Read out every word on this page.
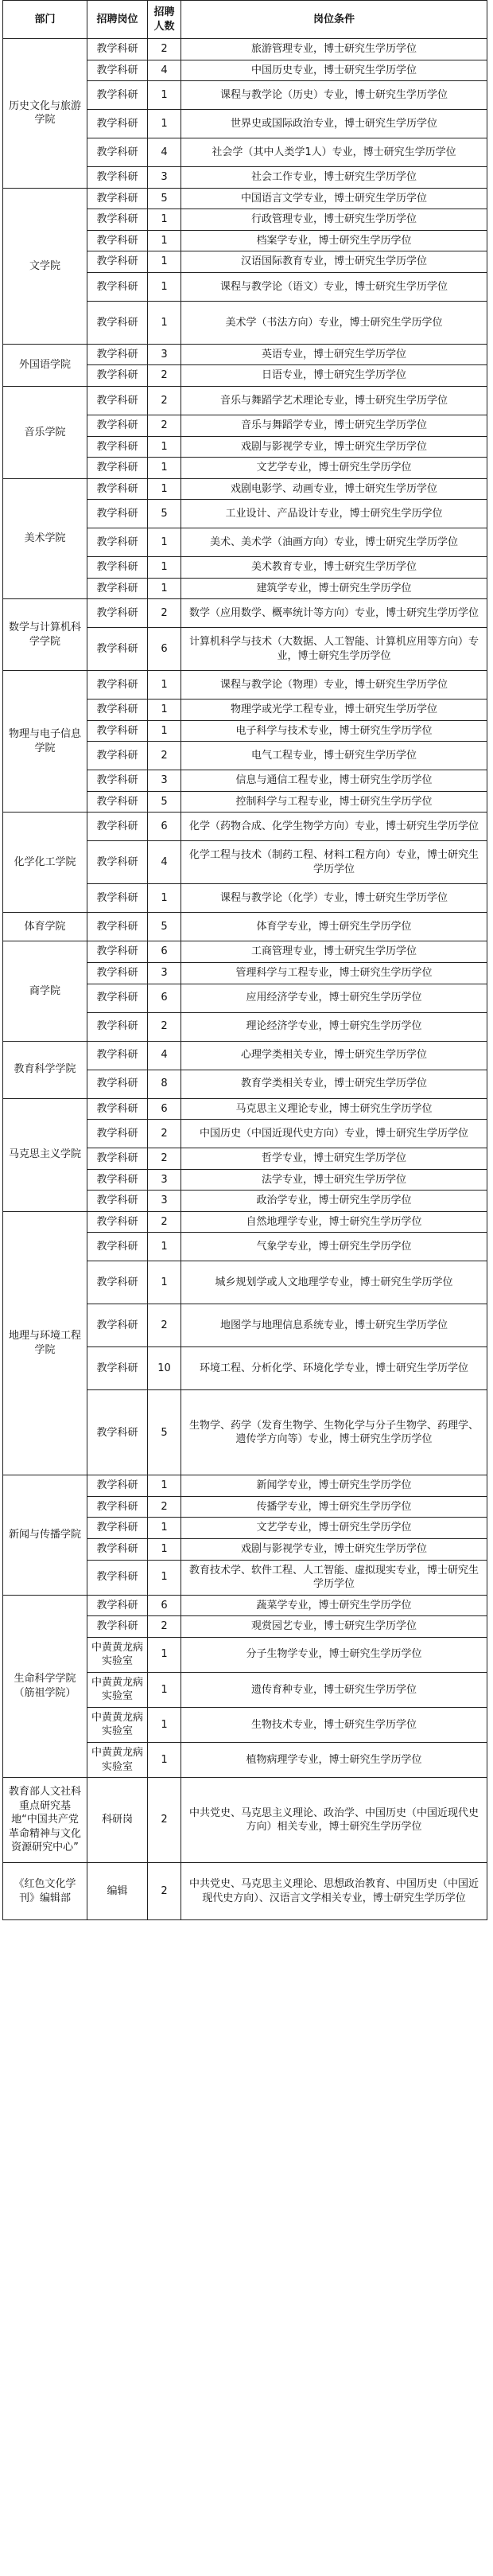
部门	招聘岗位	招聘人数	岗位条件
历史文化与旅游学院	教学科研	2	旅游管理专业，博士研究生学历学位
	教学科研	4	中国历史专业，博士研究生学历学位
	教学科研	1	课程与教学论（历史）专业，博士研究生学历学位
	教学科研	1	世界史或国际政治专业，博士研究生学历学位
	教学科研	4	社会学（其中人类学1人）专业，博士研究生学历学位
	教学科研	3	社会工作专业，博士研究生学历学位
文学院	教学科研	5	中国语言文学专业，博士研究生学历学位
	教学科研	1	行政管理专业，博士研究生学历学位
	教学科研	1	档案学专业，博士研究生学历学位
	教学科研	1	汉语国际教育专业，博士研究生学历学位
	教学科研	1	课程与教学论（语文）专业，博士研究生学历学位
	教学科研	1	美术学（书法方向）专业，博士研究生学历学位
外国语学院	教学科研	3	英语专业，博士研究生学历学位
	教学科研	2	日语专业，博士研究生学历学位
音乐学院	教学科研	2	音乐与舞蹈学艺术理论专业，博士研究生学历学位
	教学科研	2	音乐与舞蹈学专业，博士研究生学历学位
	教学科研	1	戏剧与影视学专业，博士研究生学历学位
	教学科研	1	文艺学专业，博士研究生学历学位
美术学院	教学科研	1	戏剧电影学、动画专业，博士研究生学历学位
	教学科研	5	工业设计、产品设计专业，博士研究生学历学位
	教学科研	1	美术、美术学（油画方向）专业，博士研究生学历学位
	教学科研	1	美术教育专业，博士研究生学历学位
	教学科研	1	建筑学专业，博士研究生学历学位
数学与计算机科学学院	教学科研	2	数学（应用数学、概率统计等方向）专业，博士研究生学历学位
	教学科研	6	计算机科学与技术（大数据、人工智能、计算机应用等方向）专业，博士研究生学历学位
物理与电子信息学院	教学科研	1	课程与教学论（物理）专业，博士研究生学历学位
	教学科研	1	物理学或光学工程专业，博士研究生学历学位
	教学科研	1	电子科学与技术专业，博士研究生学历学位
	教学科研	2	电气工程专业，博士研究生学历学位
	教学科研	3	信息与通信工程专业，博士研究生学历学位
	教学科研	5	控制科学与工程专业，博士研究生学历学位
化学化工学院	教学科研	6	化学（药物合成、化学生物学方向）专业，博士研究生学历学位
	教学科研	4	化学工程与技术（制药工程、材料工程方向）专业，博士研究生学历学位
	教学科研	1	课程与教学论（化学）专业，博士研究生学历学位
体育学院	教学科研	5	体育学专业，博士研究生学历学位
商学院	教学科研	6	工商管理专业，博士研究生学历学位
	教学科研	3	管理科学与工程专业，博士研究生学历学位
	教学科研	6	应用经济学专业，博士研究生学历学位
	教学科研	2	理论经济学专业，博士研究生学历学位
教育科学学院	教学科研	4	心理学类相关专业，博士研究生学历学位
	教学科研	8	教育学类相关专业，博士研究生学历学位
马克思主义学院	教学科研	6	马克思主义理论专业，博士研究生学历学位
	教学科研	2	中国历史（中国近现代史方向）专业，博士研究生学历学位
	教学科研	2	哲学专业，博士研究生学历学位
	教学科研	3	法学专业，博士研究生学历学位
	教学科研	3	政治学专业，博士研究生学历学位
地理与环境工程学院	教学科研	2	自然地理学专业，博士研究生学历学位
	教学科研	1	气象学专业，博士研究生学历学位
	教学科研	1	城乡规划学或人文地理学专业，博士研究生学历学位
	教学科研	2	地图学与地理信息系统专业，博士研究生学历学位
	教学科研	10	环境工程、分析化学、环境化学专业，博士研究生学历学位
	教学科研	5	生物学、药学（发育生物学、生物化学与分子生物学、药理学、遗传学方向等）专业，博士研究生学历学位
新闻与传播学院	教学科研	1	新闻学专业，博士研究生学历学位
	教学科研	2	传播学专业，博士研究生学历学位
	教学科研	1	文艺学专业，博士研究生学历学位
	教学科研	1	戏剧与影视学专业，博士研究生学历学位
	教学科研	1	教育技术学、软件工程、人工智能、虚拟现实专业，博士研究生学历学位
生命科学学院（筋祖学院）	教学科研	6	蔬菜学专业，博士研究生学历学位
	教学科研	2	观赏园艺专业，博士研究生学历学位
	中黄黄龙病实验室	1	分子生物学专业，博士研究生学历学位
	中黄黄龙病实验室	1	遗传育种专业，博士研究生学历学位
	中黄黄龙病实验室	1	生物技术专业，博士研究生学历学位
	中黄黄龙病实验室	1	植物病理学专业，博士研究生学历学位
教育部人文社科重点研究基地“中国共产党革命精神与文化资源研究中心”	科研岗	2	中共党史、马克思主义理论、政治学、中国历史（中国近现代史方向）相关专业，博士研究生学历学位
《红色文化学刊》编辑部	编辑	2	中共党史、马克思主义理论、思想政治教育、中国历史（中国近现代史方向）、汉语言文学相关专业，博士研究生学历学位
